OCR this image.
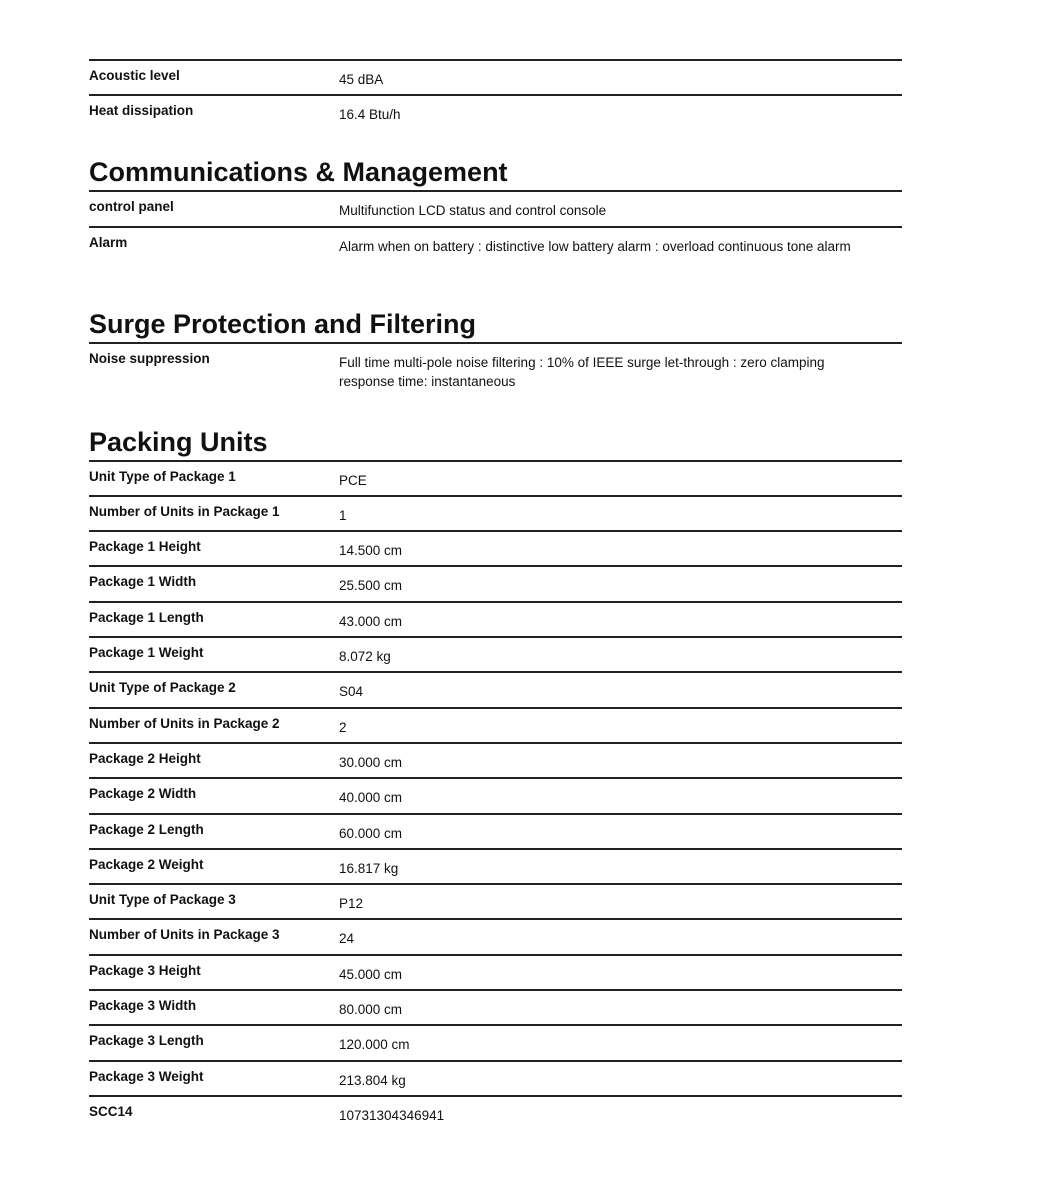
Acoustic level	45 dBA
Heat dissipation	16.4 Btu/h
Communications & Management
control panel	Multifunction LCD status and control console
Alarm	Alarm when on battery : distinctive low battery alarm : overload continuous tone alarm
Surge Protection and Filtering
Noise suppression	Full time multi-pole noise filtering : 10% of IEEE surge let-through : zero clamping response time: instantaneous
Packing Units
Unit Type of Package 1	PCE
Number of Units in Package 1	1
Package 1 Height	14.500 cm
Package 1 Width	25.500 cm
Package 1 Length	43.000 cm
Package 1 Weight	8.072 kg
Unit Type of Package 2	S04
Number of Units in Package 2	2
Package 2 Height	30.000 cm
Package 2 Width	40.000 cm
Package 2 Length	60.000 cm
Package 2 Weight	16.817 kg
Unit Type of Package 3	P12
Number of Units in Package 3	24
Package 3 Height	45.000 cm
Package 3 Width	80.000 cm
Package 3 Length	120.000 cm
Package 3 Weight	213.804 kg
SCC14	10731304346941
